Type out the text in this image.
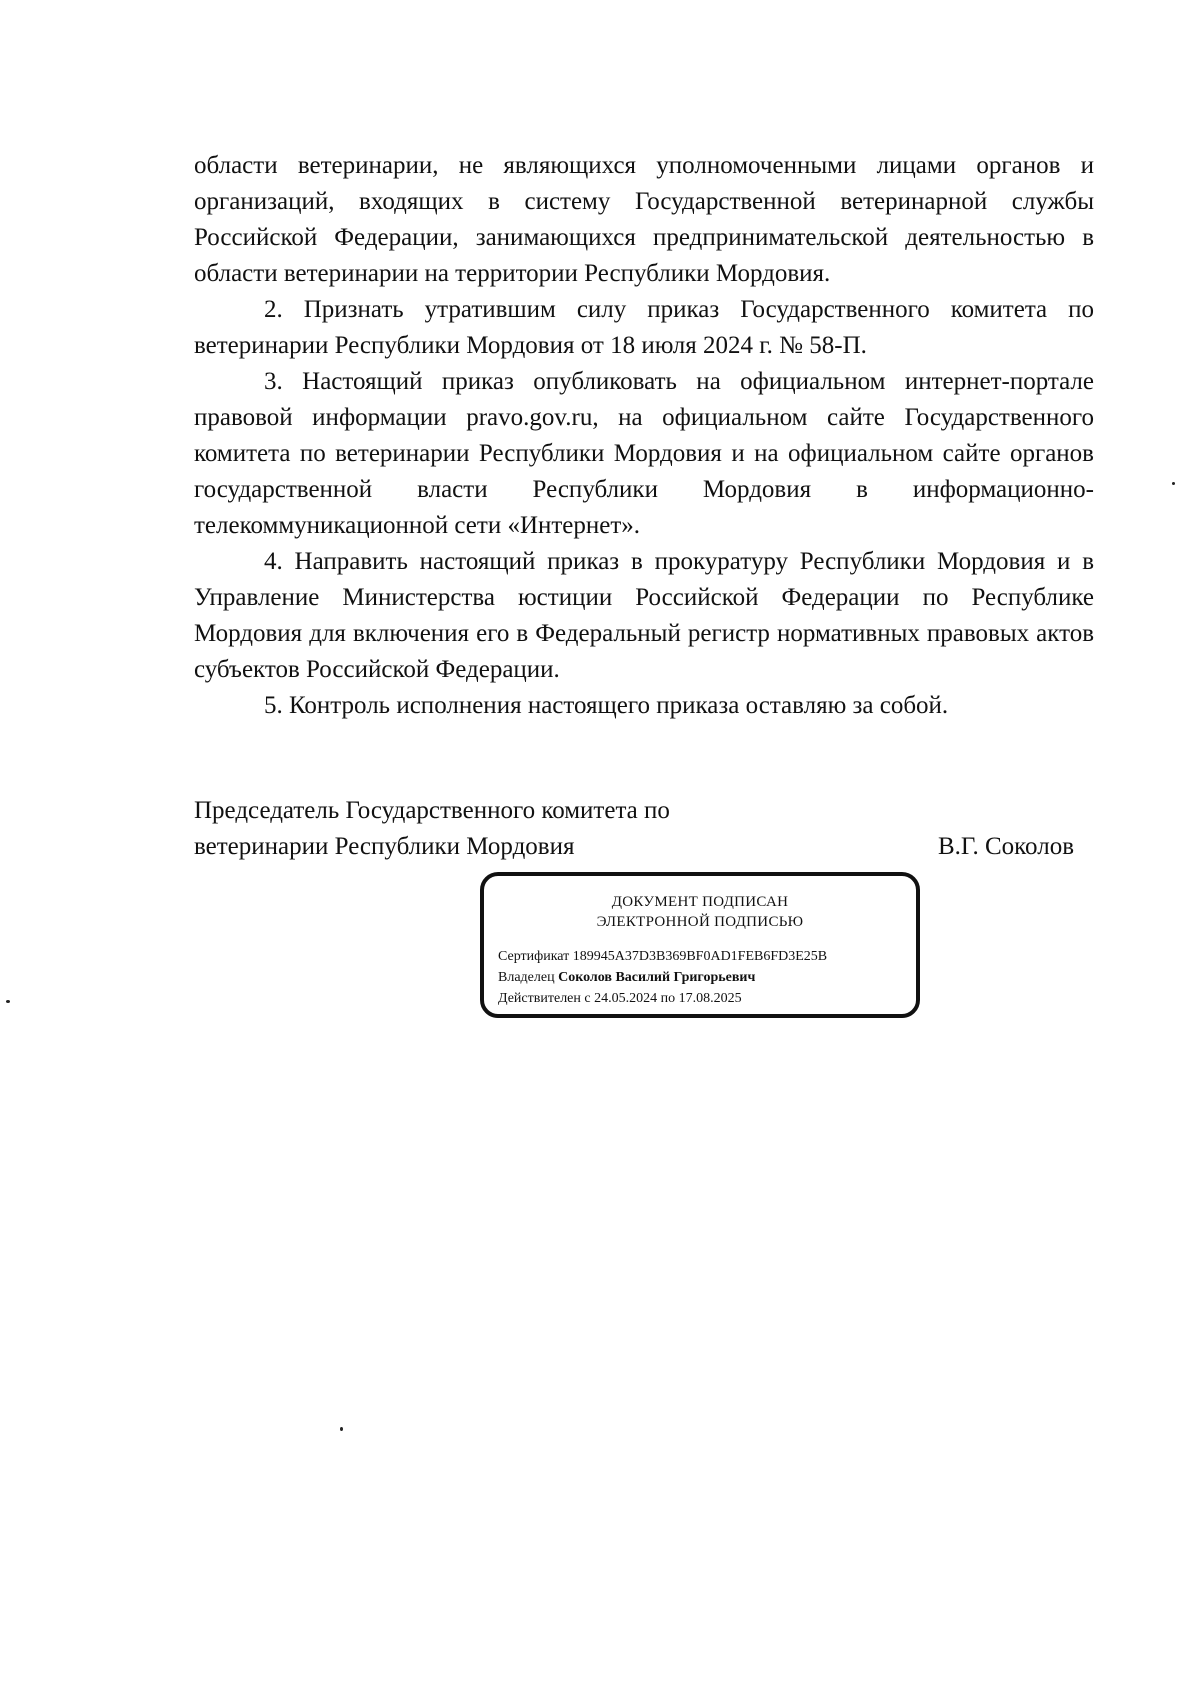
области ветеринарии, не являющихся уполномоченными лицами органов и организаций, входящих в систему Государственной ветеринарной службы Российской Федерации, занимающихся предпринимательской деятельностью в области ветеринарии на территории Республики Мордовия.

2. Признать утратившим силу приказ Государственного комитета по ветеринарии Республики Мордовия от 18 июля 2024 г. № 58-П.

3. Настоящий приказ опубликовать на официальном интернет-портале правовой информации pravo.gov.ru, на официальном сайте Государственного комитета по ветеринарии Республики Мордовия и на официальном сайте органов государственной власти Республики Мордовия в информационно-телекоммуникационной сети «Интернет».

4. Направить настоящий приказ в прокуратуру Республики Мордовия и в Управление Министерства юстиции Российской Федерации по Республике Мордовия для включения его в Федеральный регистр нормативных правовых актов субъектов Российской Федерации.

5. Контроль исполнения настоящего приказа оставляю за собой.

Председатель Государственного комитета по
ветеринарии Республики Мордовия	В.Г. Соколов
ДОКУМЕНТ ПОДПИСАН
ЭЛЕКТРОННОЙ ПОДПИСЬЮ
Сертификат 189945A37D3B369BF0AD1FEB6FD3E25B
Владелец Соколов Василий Григорьевич
Действителен с 24.05.2024 по 17.08.2025
